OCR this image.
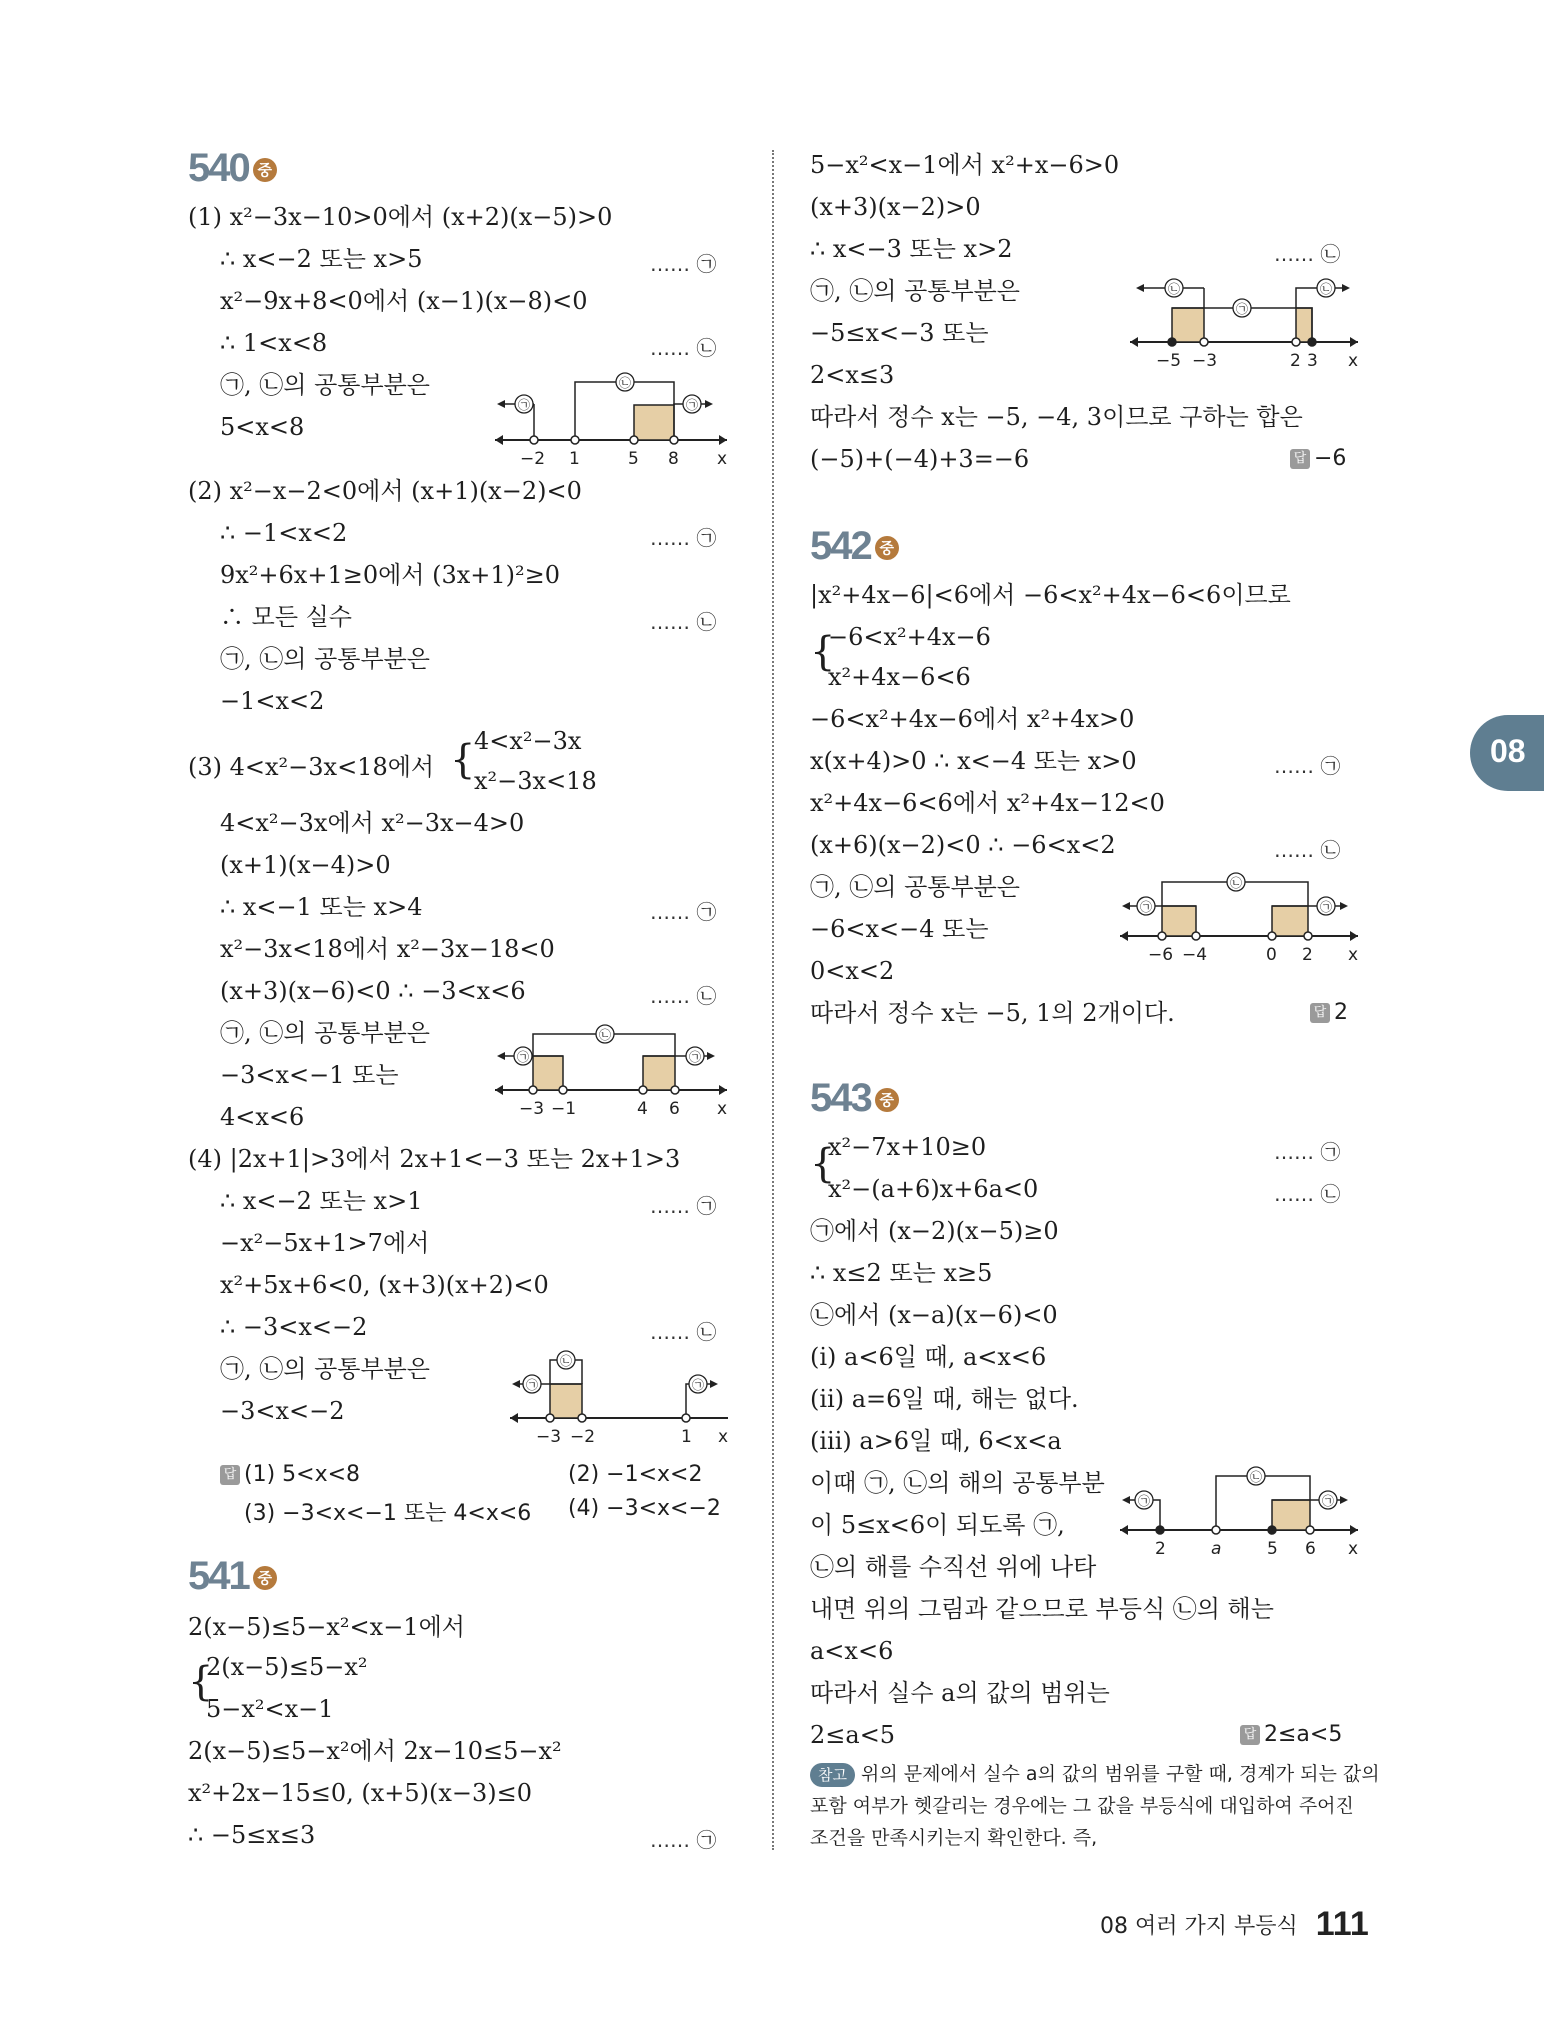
08
540 중
(1) x²−3x−10>0에서 (x+2)(x−5)>0
∴ x<−2 또는 x>5	…… ㉠
x²−9x+8<0에서 (x−1)(x−8)<0
∴ 1<x<8	…… ㉡
㉠, ㉡의 공통부분은
5<x<8
㉠	㉠
㉡
−2 1	5 8 x
(2) x²−x−2<0에서 (x+1)(x−2)<0
∴ −1<x<2	…… ㉠
9x²+6x+1≥0에서 (3x+1)²≥0
∴ 모든 실수	…… ㉡
㉠, ㉡의 공통부분은
−1<x<2
(3) 4<x²−3x<18에서 {
4<x²−3x
x²−3x<18
4<x²−3x에서 x²−3x−4>0
(x+1)(x−4)>0
∴ x<−1 또는 x>4	…… ㉠
x²−3x<18에서 x²−3x−18<0
(x+3)(x−6)<0 ∴ −3<x<6	…… ㉡
㉠, ㉡의 공통부분은
−3<x<−1 또는
4<x<6
㉠	㉠
㉡
−3 −1	4 6 x
(4) |2x+1|>3에서 2x+1<−3 또는 2x+1>3
∴ x<−2 또는 x>1	…… ㉠
−x²−5x+1>7에서
x²+5x+6<0, (x+3)(x+2)<0
∴ −3<x<−2	…… ㉡
㉠, ㉡의 공통부분은
−3<x<−2
㉠
㉡
㉠
−3 −2	1 x
답 (1) 5<x<8	(2) −1<x<2
(3) −3<x<−1 또는 4<x<6 (4) −3<x<−2
541 중
2(x−5)≤5−x²<x−1에서
{
2(x−5)≤5−x²
5−x²<x−1
2(x−5)≤5−x²에서 2x−10≤5−x²
x²+2x−15≤0, (x+5)(x−3)≤0
∴ −5≤x≤3	…… ㉠
5−x²<x−1에서 x²+x−6>0
(x+3)(x−2)>0
∴ x<−3 또는 x>2	…… ㉡
㉠, ㉡의 공통부분은
−5≤x<−3 또는
2<x≤3
㉡	㉡
㉠
−5 −3	2 3 x
따라서 정수 x는 −5, −4, 3이므로 구하는 합은
(−5)+(−4)+3=−6	답 −6
542 중
|x²+4x−6|<6에서 −6<x²+4x−6<6이므로
{
−6<x²+4x−6
x²+4x−6<6
−6<x²+4x−6에서 x²+4x>0
x(x+4)>0 ∴ x<−4 또는 x>0	…… ㉠
x²+4x−6<6에서 x²+4x−12<0
(x+6)(x−2)<0 ∴ −6<x<2	…… ㉡
㉠, ㉡의 공통부분은
−6<x<−4 또는
0<x<2
㉠	㉠
㉡
−6 −4	0 2 x
따라서 정수 x는 −5, 1의 2개이다.	답 2
543 중
{
x²−7x+10≥0	…… ㉠
x²−(a+6)x+6a<0	…… ㉡
㉠에서 (x−2)(x−5)≥0
∴ x≤2 또는 x≥5
㉡에서 (x−a)(x−6)<0
(ⅰ) a<6일 때, a<x<6
(ⅱ) a=6일 때, 해는 없다.
(ⅲ) a>6일 때, 6<x<a
이때 ㉠, ㉡의 해의 공통부분
이 5≤x<6이 되도록 ㉠,
㉡의 해를 수직선 위에 나타
㉠	㉠
㉡
2	a	5 6 x
내면 위의 그림과 같으므로 부등식 ㉡의 해는
a<x<6
따라서 실수 a의 값의 범위는
2≤a<5	답 2≤a<5
참고 위의 문제에서 실수 a의 값의 범위를 구할 때, 경계가 되는 값의
포함 여부가 헷갈리는 경우에는 그 값을 부등식에 대입하여 주어진
조건을 만족시키는지 확인한다. 즉,
08 여러 가지 부등식 111
